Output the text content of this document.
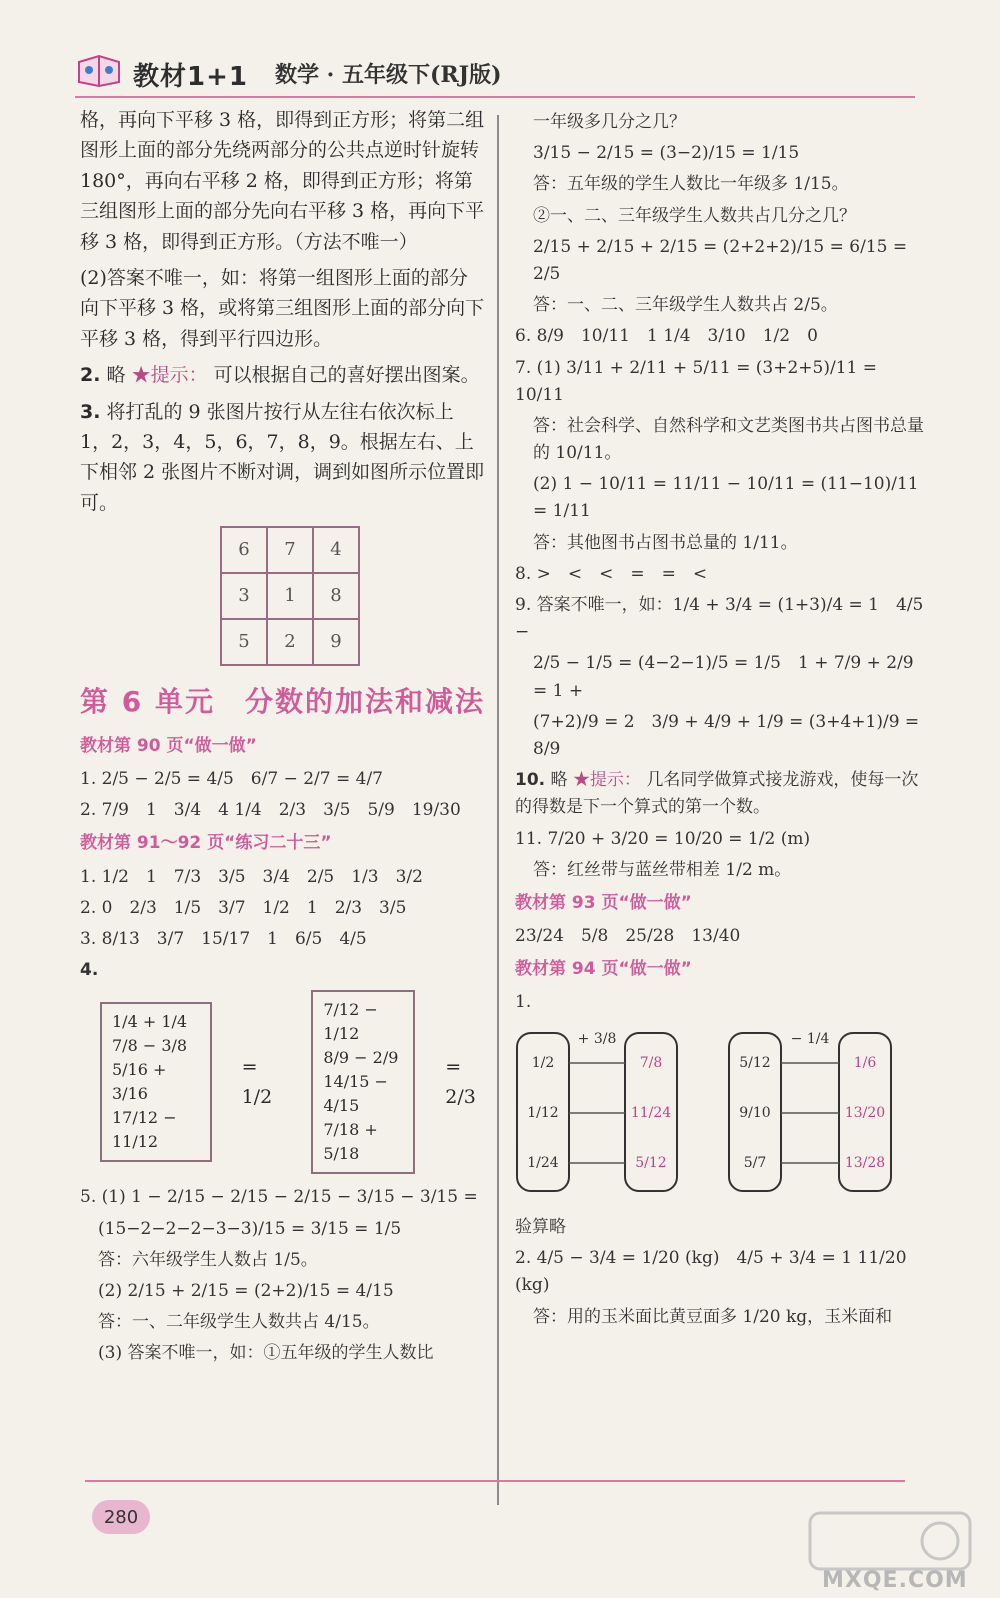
教材1+1 数学 · 五年级下(RJ版)

格，再向下平移 3 格，即得到正方形；将第二组图形上面的部分先绕两部分的公共点逆时针旋转 180°，再向右平移 2 格，即得到正方形；将第三组图形上面的部分先向右平移 3 格，再向下平移 3 格，即得到正方形。（方法不唯一）

(2)答案不唯一，如：将第一组图形上面的部分向下平移 3 格，或将第三组图形上面的部分向下平移 3 格，得到平行四边形。

2. 略 ★提示： 可以根据自己的喜好摆出图案。

3. 将打乱的 9 张图片按行从左往右依次标上 1，2，3，4，5，6，7，8，9。根据左右、上下相邻 2 张图片不断对调，调到如图所示位置即可。

6	7	4
3	1	8
5	2	9
第 6 单元　分数的加法和减法
教材第 90 页“做一做”
1. 2/5 − 2/5 = 4/5　6/7 − 2/7 = 4/7
2. 7/9　1　3/4　4 1/4　2/3　3/5　5/9　19/30
教材第 91～92 页“练习二十三”
1. 1/2　1　7/3　3/5　3/4　2/5　1/3　3/2
2. 0　2/3　1/5　3/7　1/2　1　2/3　3/5
3. 8/13　3/7　15/17　1　6/5　4/5
4.
1/4 + 1/4
7/8 − 3/8
5/16 + 3/16
17/12 − 11/12
= 1/2
7/12 − 1/12
8/9 − 2/9
14/15 − 4/15
7/18 + 5/18
= 2/3
5. (1) 1 − 2/15 − 2/15 − 2/15 − 3/15 − 3/15 =
(15−2−2−2−3−3)/15 = 3/15 = 1/5
答：六年级学生人数占 1/5。
(2) 2/15 + 2/15 = (2+2)/15 = 4/15
答：一、二年级学生人数共占 4/15。
(3) 答案不唯一，如：①五年级的学生人数比
一年级多几分之几？
3/15 − 2/15 = (3−2)/15 = 1/15
答：五年级的学生人数比一年级多 1/15。
②一、二、三年级学生人数共占几分之几？
2/15 + 2/15 + 2/15 = (2+2+2)/15 = 6/15 = 2/5
答：一、二、三年级学生人数共占 2/5。
6. 8/9　10/11　1 1/4　3/10　1/2　0
7. (1) 3/11 + 2/11 + 5/11 = (3+2+5)/11 = 10/11
答：社会科学、自然科学和文艺类图书共占图书总量的 10/11。
(2) 1 − 10/11 = 11/11 − 10/11 = (11−10)/11 = 1/11
答：其他图书占图书总量的 1/11。
8. >　<　<　=　=　<
9. 答案不唯一，如：1/4 + 3/4 = (1+3)/4 = 1　4/5 −
2/5 − 1/5 = (4−2−1)/5 = 1/5　1 + 7/9 + 2/9 = 1 +
(7+2)/9 = 2　3/9 + 4/9 + 1/9 = (3+4+1)/9 = 8/9

10. 略 ★提示： 几名同学做算式接龙游戏，使每一次的得数是下一个算式的第一个数。

11. 7/20 + 3/20 = 10/20 = 1/2 (m)
答：红丝带与蓝丝带相差 1/2 m。
教材第 93 页“做一做”
23/24　5/8　25/28　13/40
教材第 94 页“做一做”
1.
+ 3/8	− 1/4
1/2
1/12
1/24
7/8
11/24
5/12
5/12
9/10
5/7
1/6
13/20
13/28
验算略
2. 4/5 − 3/4 = 1/20 (kg)　4/5 + 3/4 = 1 11/20 (kg)
答：用的玉米面比黄豆面多 1/20 kg，玉米面和
280
MXQE.COM
